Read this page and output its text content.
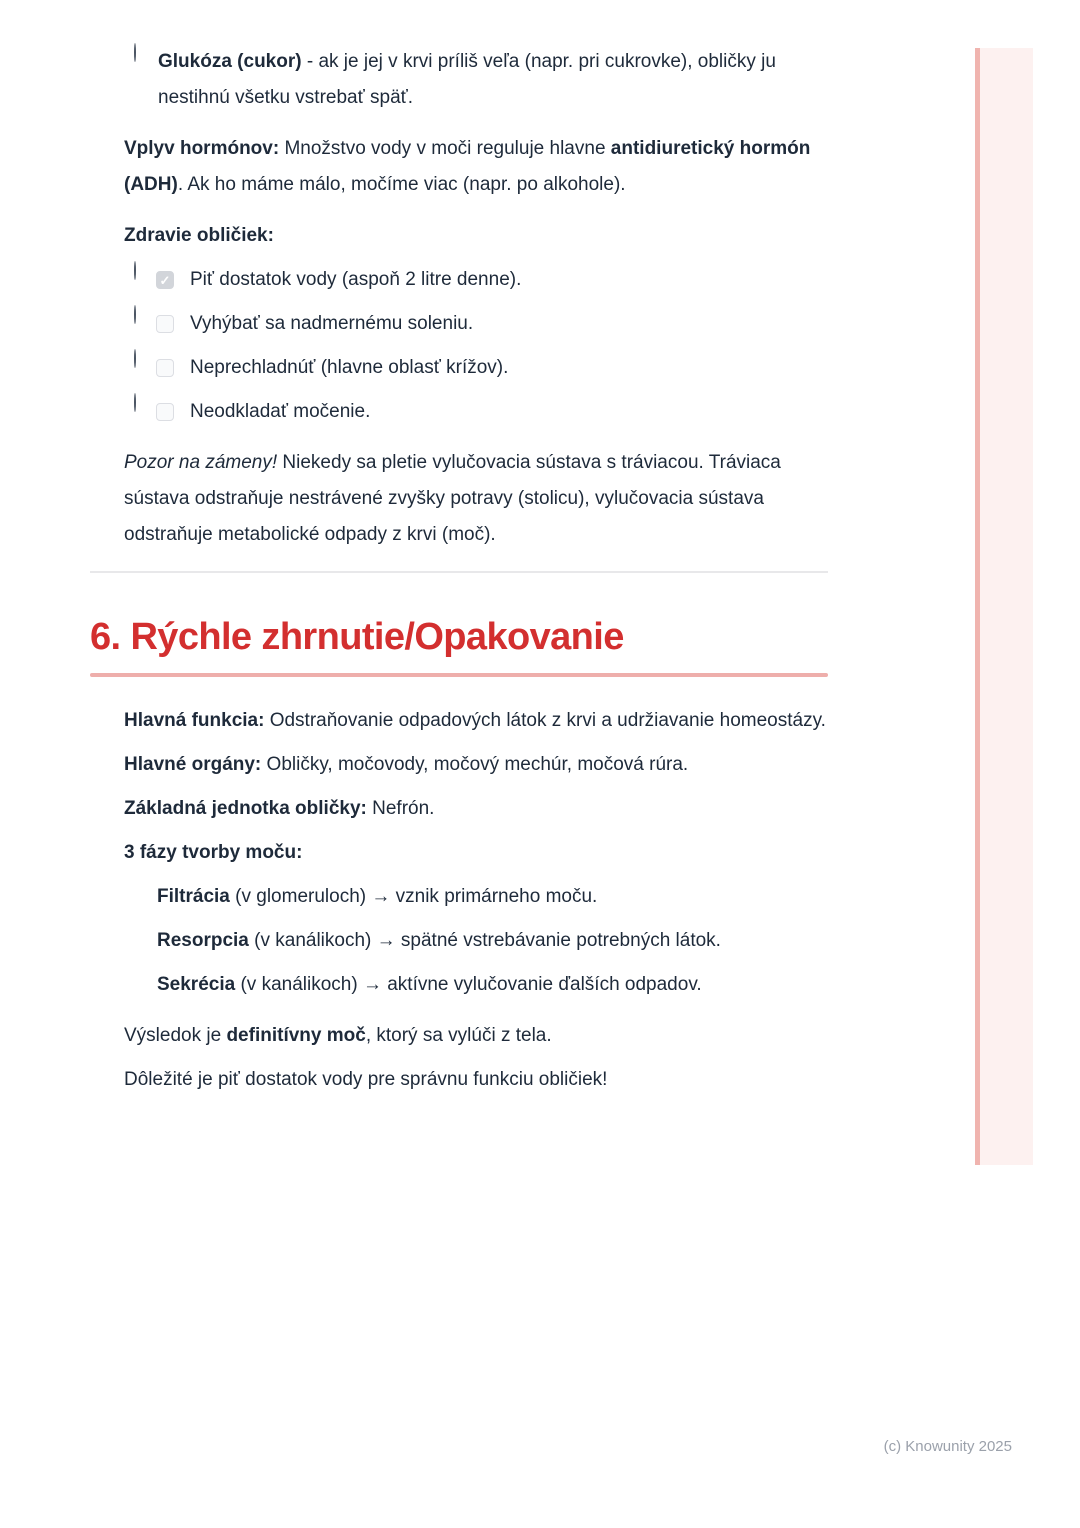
Glukóza (cukor) - ak je jej v krvi príliš veľa (napr. pri cukrovke), obličky ju nestihnú všetku vstrebať späť.
Vplyv hormónov: Množstvo vody v moči reguluje hlavne antidiuretický hormón (ADH). Ak ho máme málo, močíme viac (napr. po alkohole).
Zdravie obličiek:
✓ Piť dostatok vody (aspoň 2 litre denne).
Vyhýbať sa nadmernému soleniu.
Neprechladnúť (hlavne oblasť krížov).
Neodkladať močenie.
Pozor na zámeny! Niekedy sa pletie vylučovacia sústava s tráviacou. Tráviaca sústava odstraňuje nestrávené zvyšky potravy (stolicu), vylučovacia sústava odstraňuje metabolické odpady z krvi (moč).
6. Rýchle zhrnutie/Opakovanie
Hlavná funkcia: Odstraňovanie odpadových látok z krvi a udržiavanie homeostázy.
Hlavné orgány: Obličky, močovody, močový mechúr, močová rúra.
Základná jednotka obličky: Nefrón.
3 fázy tvorby moču:
Filtrácia (v glomeruloch) → vznik primárneho moču.
Resorpcia (v kanálikoch) → spätné vstrebávanie potrebných látok.
Sekrécia (v kanálikoch) → aktívne vylučovanie ďalších odpadov.
Výsledok je definitívny moč, ktorý sa vylúči z tela.
Dôležité je piť dostatok vody pre správnu funkciu obličiek!
(c) Knowunity 2025
